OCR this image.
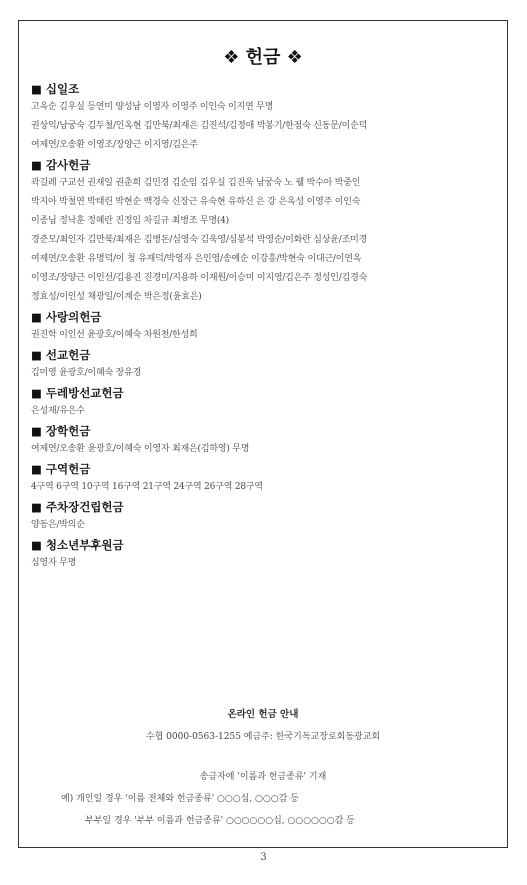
❖ 헌금 ❖
■ 십일조
고옥순 김우실 등연미 양성남 이영자 이영주 이인숙 이지연 무명
권상익/남궁숙 김두철/인옥현 김만북/최재은 김진석/김정애 박봉기/한점숙 신동문/이순덕
여제연/오송환 이영조/장양근 이지영/김은주
■ 감사헌금
곽길례 구교선 권재일 권춘희 김민경 김순임 김우실 김진욱 남궁숙 노 웰 박수아 박중인
박지아 박철연 박태린 박현순 백경숙 신장근 유숙현 유하신 은 강 은옥성 이영주 이인숙
이종님 정낙훈 정혜란 진정임 차길규 최병조 무명(4)
경준모/최인자 김만북/최재은 김병돈/심영숙 김욱영/심봉석 박영순/이화란 심상윤/조미경
여제연/오송환 유명덕/이 청 유재덕/박영자 은인영/송예순 이강흥/박현숙 이대근/이연옥
이영조/장양근 이인선/김용진 진경미/지용하 이재원/이승미 이지영/김은주 정성인/김경숙
정효성/이인성 채광일/이계순 박은정(윤효은)
■ 사랑의헌금
권진학 이인선 윤광호/이혜숙 차원천/한성희
■ 선교헌금
김미영 윤광호/이혜숙 장유경
■ 두레방선교헌금
은성재/유은수
■ 장학헌금
여제연/오송환 윤광호/이혜숙 이영자 최재은(김하영) 무명
■ 구역헌금
4구역 6구역 10구역 16구역 21구역 24구역 26구역 28구역
■ 주차장건립헌금
양동은/박의순
■ 청소년부후원금
심영자 무명
온라인 헌금 안내
수협 0000-0563-1255 예금주: 한국기독교장로회동광교회
송금자에 '이름과 헌금종류' 기재
예) 개인일 경우 '이름 전체와 헌금종류' ○○○십, ○○○감 등
부부일 경우 '부부 이름과 헌금종류' ○○○○○○십, ○○○○○○감 등
3
